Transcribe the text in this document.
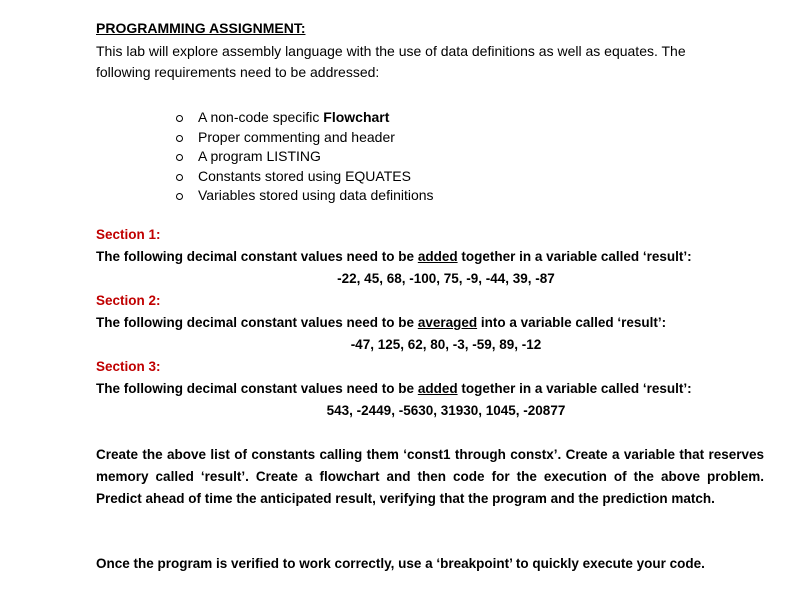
PROGRAMMING ASSIGNMENT:
This lab will explore assembly language with the use of data definitions as well as equates. The following requirements need to be addressed:
A non-code specific Flowchart
Proper commenting and header
A program LISTING
Constants stored using EQUATES
Variables stored using data definitions
Section 1:
The following decimal constant values need to be added together in a variable called ‘result’:
-22, 45, 68, -100, 75, -9, -44, 39, -87
Section 2:
The following decimal constant values need to be averaged into a variable called ‘result’:
-47, 125, 62, 80, -3, -59, 89, -12
Section 3:
The following decimal constant values need to be added together in a variable called ‘result’:
543, -2449, -5630, 31930, 1045, -20877
Create the above list of constants calling them ‘const1 through constx’. Create a variable that reserves memory called ‘result’. Create a flowchart and then code for the execution of the above problem. Predict ahead of time the anticipated result, verifying that the program and the prediction match.
Once the program is verified to work correctly, use a ‘breakpoint’ to quickly execute your code.
